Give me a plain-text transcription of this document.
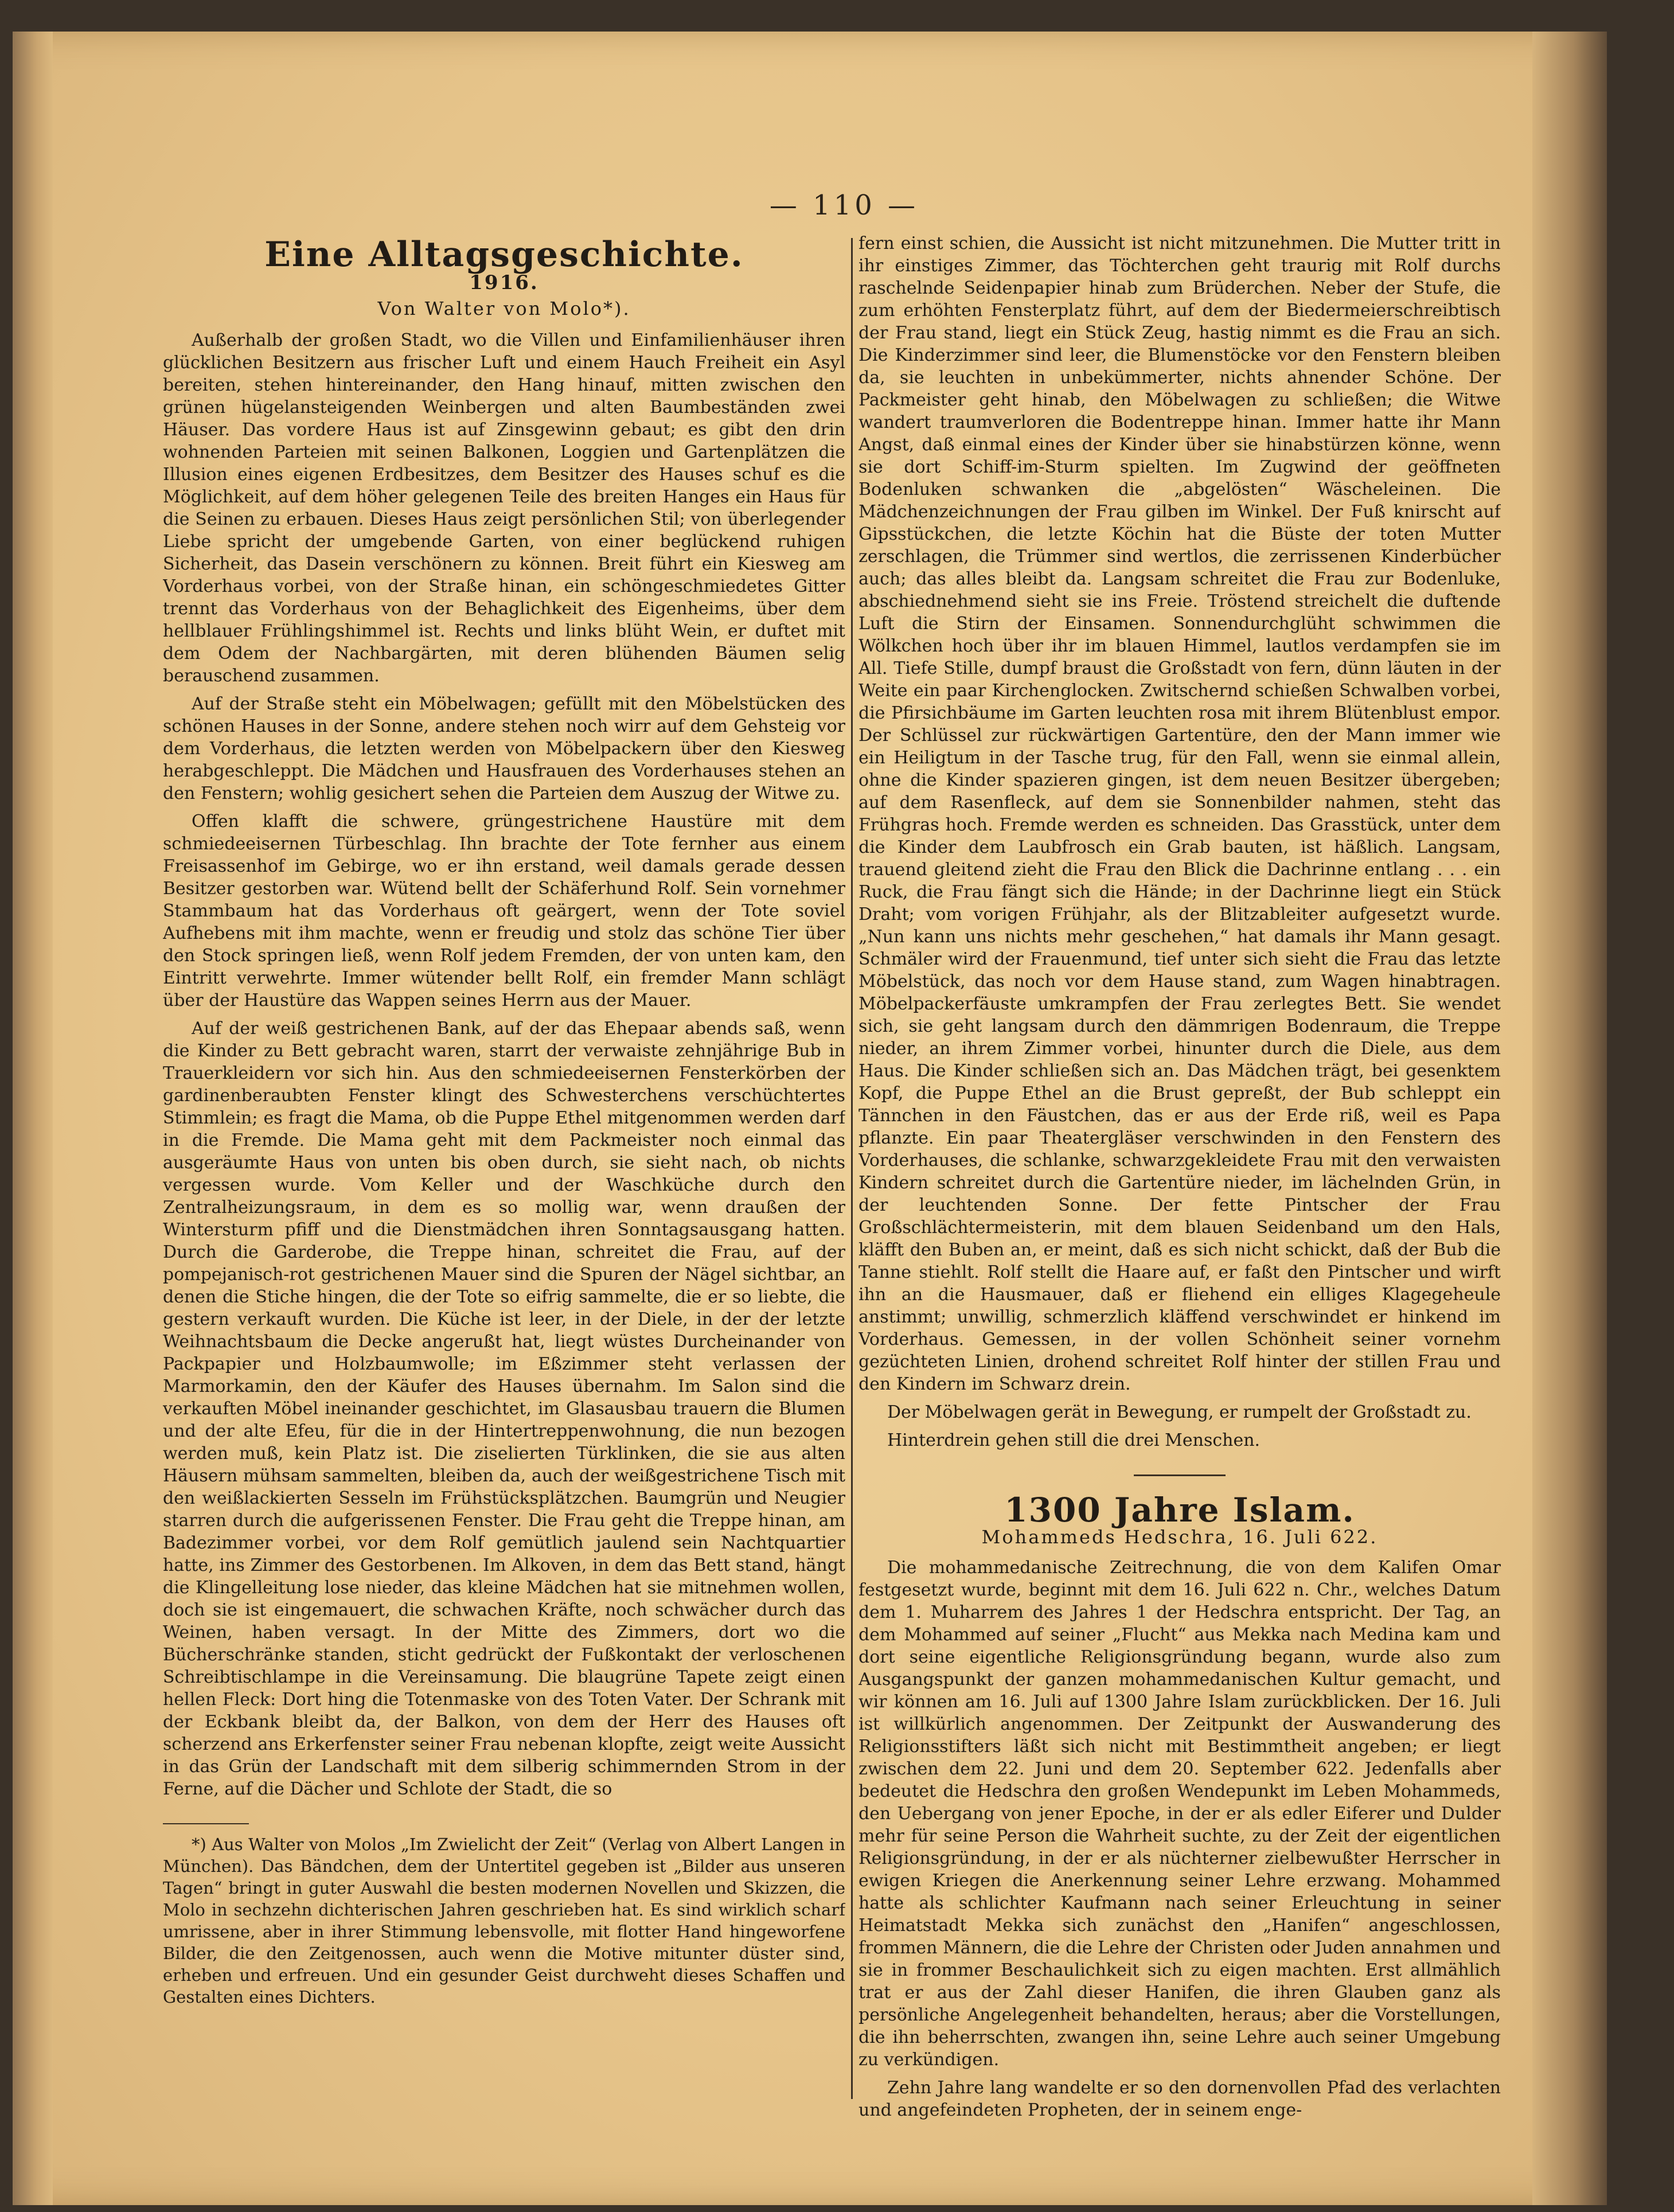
— 110 —
Eine Alltagsgeschichte.
1916.
Von Walter von Molo*).

Außerhalb der großen Stadt, wo die Villen und Einfamilienhäuser ihren glücklichen Besitzern aus frischer Luft und einem Hauch Freiheit ein Asyl bereiten, stehen hintereinander, den Hang hinauf, mitten zwischen den grünen hügelansteigenden Weinbergen und alten Baumbeständen zwei Häuser. Das vordere Haus ist auf Zinsgewinn gebaut; es gibt den drin wohnenden Parteien mit seinen Balkonen, Loggien und Gartenplätzen die Illusion eines eigenen Erdbesitzes, dem Besitzer des Hauses schuf es die Möglichkeit, auf dem höher gelegenen Teile des breiten Hanges ein Haus für die Seinen zu erbauen. Dieses Haus zeigt persönlichen Stil; von überlegender Liebe spricht der umgebende Garten, von einer beglückend ruhigen Sicherheit, das Dasein verschönern zu können. Breit führt ein Kiesweg am Vorderhaus vorbei, von der Straße hinan, ein schöngeschmiedetes Gitter trennt das Vorderhaus von der Behaglichkeit des Eigenheims, über dem hellblauer Frühlingshimmel ist. Rechts und links blüht Wein, er duftet mit dem Odem der Nachbargärten, mit deren blühenden Bäumen selig berauschend zusammen.

Auf der Straße steht ein Möbelwagen; gefüllt mit den Möbelstücken des schönen Hauses in der Sonne, andere stehen noch wirr auf dem Gehsteig vor dem Vorderhaus, die letzten werden von Möbelpackern über den Kiesweg herabgeschleppt. Die Mädchen und Hausfrauen des Vorderhauses stehen an den Fenstern; wohlig gesichert sehen die Parteien dem Auszug der Witwe zu.

Offen klafft die schwere, grüngestrichene Haustüre mit dem schmiedeeisernen Türbeschlag. Ihn brachte der Tote fernher aus einem Freisassenhof im Gebirge, wo er ihn erstand, weil damals gerade dessen Besitzer gestorben war. Wütend bellt der Schäferhund Rolf. Sein vornehmer Stammbaum hat das Vorderhaus oft geärgert, wenn der Tote soviel Aufhebens mit ihm machte, wenn er freudig und stolz das schöne Tier über den Stock springen ließ, wenn Rolf jedem Fremden, der von unten kam, den Eintritt verwehrte. Immer wütender bellt Rolf, ein fremder Mann schlägt über der Haustüre das Wappen seines Herrn aus der Mauer.

Auf der weiß gestrichenen Bank, auf der das Ehepaar abends saß, wenn die Kinder zu Bett gebracht waren, starrt der verwaiste zehnjährige Bub in Trauerkleidern vor sich hin. Aus den schmiedeeisernen Fensterkörben der gardinenberaubten Fenster klingt des Schwesterchens verschüchtertes Stimmlein; es fragt die Mama, ob die Puppe Ethel mitgenommen werden darf in die Fremde. Die Mama geht mit dem Packmeister noch einmal das ausgeräumte Haus von unten bis oben durch, sie sieht nach, ob nichts vergessen wurde. Vom Keller und der Waschküche durch den Zentralheizungsraum, in dem es so mollig war, wenn draußen der Wintersturm pfiff und die Dienstmädchen ihren Sonntagsausgang hatten. Durch die Garderobe, die Treppe hinan, schreitet die Frau, auf der pompejanisch-rot gestrichenen Mauer sind die Spuren der Nägel sichtbar, an denen die Stiche hingen, die der Tote so eifrig sammelte, die er so liebte, die gestern verkauft wurden. Die Küche ist leer, in der Diele, in der der letzte Weihnachtsbaum die Decke angerußt hat, liegt wüstes Durcheinander von Packpapier und Holzbaumwolle; im Eßzimmer steht verlassen der Marmorkamin, den der Käufer des Hauses übernahm. Im Salon sind die verkauften Möbel ineinander geschichtet, im Glasausbau trauern die Blumen und der alte Efeu, für die in der Hintertreppenwohnung, die nun bezogen werden muß, kein Platz ist. Die ziselierten Türklinken, die sie aus alten Häusern mühsam sammelten, bleiben da, auch der weißgestrichene Tisch mit den weißlackierten Sesseln im Frühstücksplätzchen. Baumgrün und Neugier starren durch die aufgerissenen Fenster. Die Frau geht die Treppe hinan, am Badezimmer vorbei, vor dem Rolf gemütlich jaulend sein Nachtquartier hatte, ins Zimmer des Gestorbenen. Im Alkoven, in dem das Bett stand, hängt die Klingelleitung lose nieder, das kleine Mädchen hat sie mitnehmen wollen, doch sie ist eingemauert, die schwachen Kräfte, noch schwächer durch das Weinen, haben versagt. In der Mitte des Zimmers, dort wo die Bücherschränke standen, sticht gedrückt der Fußkontakt der verloschenen Schreibtischlampe in die Vereinsamung. Die blaugrüne Tapete zeigt einen hellen Fleck: Dort hing die Totenmaske von des Toten Vater. Der Schrank mit der Eckbank bleibt da, der Balkon, von dem der Herr des Hauses oft scherzend ans Erkerfenster seiner Frau nebenan klopfte, zeigt weite Aussicht in das Grün der Landschaft mit dem silberig schimmernden Strom in der Ferne, auf die Dächer und Schlote der Stadt, die so

*) Aus Walter von Molos „Im Zwielicht der Zeit“ (Verlag von Albert Langen in München). Das Bändchen, dem der Untertitel gegeben ist „Bilder aus unseren Tagen“ bringt in guter Auswahl die besten modernen Novellen und Skizzen, die Molo in sechzehn dichterischen Jahren geschrieben hat. Es sind wirklich scharf umrissene, aber in ihrer Stimmung lebensvolle, mit flotter Hand hingeworfene Bilder, die den Zeitgenossen, auch wenn die Motive mitunter düster sind, erheben und erfreuen. Und ein gesunder Geist durchweht dieses Schaffen und Gestalten eines Dichters.

fern einst schien, die Aussicht ist nicht mitzunehmen. Die Mutter tritt in ihr einstiges Zimmer, das Töchterchen geht traurig mit Rolf durchs raschelnde Seidenpapier hinab zum Brüderchen. Neber der Stufe, die zum erhöhten Fensterplatz führt, auf dem der Biedermeierschreibtisch der Frau stand, liegt ein Stück Zeug, hastig nimmt es die Frau an sich. Die Kinderzimmer sind leer, die Blumenstöcke vor den Fenstern bleiben da, sie leuchten in unbekümmerter, nichts ahnender Schöne. Der Packmeister geht hinab, den Möbelwagen zu schließen; die Witwe wandert traumverloren die Bodentreppe hinan. Immer hatte ihr Mann Angst, daß einmal eines der Kinder über sie hinabstürzen könne, wenn sie dort Schiff-im-Sturm spielten. Im Zugwind der geöffneten Bodenluken schwanken die „abgelösten“ Wäscheleinen. Die Mädchenzeichnungen der Frau gilben im Winkel. Der Fuß knirscht auf Gipsstückchen, die letzte Köchin hat die Büste der toten Mutter zerschlagen, die Trümmer sind wertlos, die zerrissenen Kinderbücher auch; das alles bleibt da. Langsam schreitet die Frau zur Bodenluke, abschiednehmend sieht sie ins Freie. Tröstend streichelt die duftende Luft die Stirn der Einsamen. Sonnendurchglüht schwimmen die Wölkchen hoch über ihr im blauen Himmel, lautlos verdampfen sie im All. Tiefe Stille, dumpf braust die Großstadt von fern, dünn läuten in der Weite ein paar Kirchenglocken. Zwitschernd schießen Schwalben vorbei, die Pfirsichbäume im Garten leuchten rosa mit ihrem Blütenblust empor. Der Schlüssel zur rückwärtigen Gartentüre, den der Mann immer wie ein Heiligtum in der Tasche trug, für den Fall, wenn sie einmal allein, ohne die Kinder spazieren gingen, ist dem neuen Besitzer übergeben; auf dem Rasenfleck, auf dem sie Sonnenbilder nahmen, steht das Frühgras hoch. Fremde werden es schneiden. Das Grasstück, unter dem die Kinder dem Laubfrosch ein Grab bauten, ist häßlich. Langsam, trauend gleitend zieht die Frau den Blick die Dachrinne entlang . . . ein Ruck, die Frau fängt sich die Hände; in der Dachrinne liegt ein Stück Draht; vom vorigen Frühjahr, als der Blitzableiter aufgesetzt wurde. „Nun kann uns nichts mehr geschehen,“ hat damals ihr Mann gesagt. Schmäler wird der Frauenmund, tief unter sich sieht die Frau das letzte Möbelstück, das noch vor dem Hause stand, zum Wagen hinabtragen. Möbelpackerfäuste umkrampfen der Frau zerlegtes Bett. Sie wendet sich, sie geht langsam durch den dämmrigen Bodenraum, die Treppe nieder, an ihrem Zimmer vorbei, hinunter durch die Diele, aus dem Haus. Die Kinder schließen sich an. Das Mädchen trägt, bei gesenktem Kopf, die Puppe Ethel an die Brust gepreßt, der Bub schleppt ein Tännchen in den Fäustchen, das er aus der Erde riß, weil es Papa pflanzte. Ein paar Theatergläser verschwinden in den Fenstern des Vorderhauses, die schlanke, schwarzgekleidete Frau mit den verwaisten Kindern schreitet durch die Gartentüre nieder, im lächelnden Grün, in der leuchtenden Sonne. Der fette Pintscher der Frau Großschlächtermeisterin, mit dem blauen Seidenband um den Hals, kläfft den Buben an, er meint, daß es sich nicht schickt, daß der Bub die Tanne stiehlt. Rolf stellt die Haare auf, er faßt den Pintscher und wirft ihn an die Hausmauer, daß er fliehend ein elliges Klagegeheule anstimmt; unwillig, schmerzlich kläffend verschwindet er hinkend im Vorderhaus. Gemessen, in der vollen Schönheit seiner vornehm gezüchteten Linien, drohend schreitet Rolf hinter der stillen Frau und den Kindern im Schwarz drein.

Der Möbelwagen gerät in Bewegung, er rumpelt der Großstadt zu.

Hinterdrein gehen still die drei Menschen.

1300 Jahre Islam.
Mohammeds Hedschra, 16. Juli 622.

Die mohammedanische Zeitrechnung, die von dem Kalifen Omar festgesetzt wurde, beginnt mit dem 16. Juli 622 n. Chr., welches Datum dem 1. Muharrem des Jahres 1 der Hedschra entspricht. Der Tag, an dem Mohammed auf seiner „Flucht“ aus Mekka nach Medina kam und dort seine eigentliche Religionsgründung begann, wurde also zum Ausgangspunkt der ganzen mohammedanischen Kultur gemacht, und wir können am 16. Juli auf 1300 Jahre Islam zurückblicken. Der 16. Juli ist willkürlich angenommen. Der Zeitpunkt der Auswanderung des Religionsstifters läßt sich nicht mit Bestimmtheit angeben; er liegt zwischen dem 22. Juni und dem 20. September 622. Jedenfalls aber bedeutet die Hedschra den großen Wendepunkt im Leben Mohammeds, den Uebergang von jener Epoche, in der er als edler Eiferer und Dulder mehr für seine Person die Wahrheit suchte, zu der Zeit der eigentlichen Religionsgründung, in der er als nüchterner zielbewußter Herrscher in ewigen Kriegen die Anerkennung seiner Lehre erzwang. Mohammed hatte als schlichter Kaufmann nach seiner Erleuchtung in seiner Heimatstadt Mekka sich zunächst den „Hanifen“ angeschlossen, frommen Männern, die die Lehre der Christen oder Juden annahmen und sie in frommer Beschaulichkeit sich zu eigen machten. Erst allmählich trat er aus der Zahl dieser Hanifen, die ihren Glauben ganz als persönliche Angelegenheit behandelten, heraus; aber die Vorstellungen, die ihn beherrschten, zwangen ihn, seine Lehre auch seiner Umgebung zu verkündigen.

Zehn Jahre lang wandelte er so den dornenvollen Pfad des verlachten und angefeindeten Propheten, der in seinem enge-
